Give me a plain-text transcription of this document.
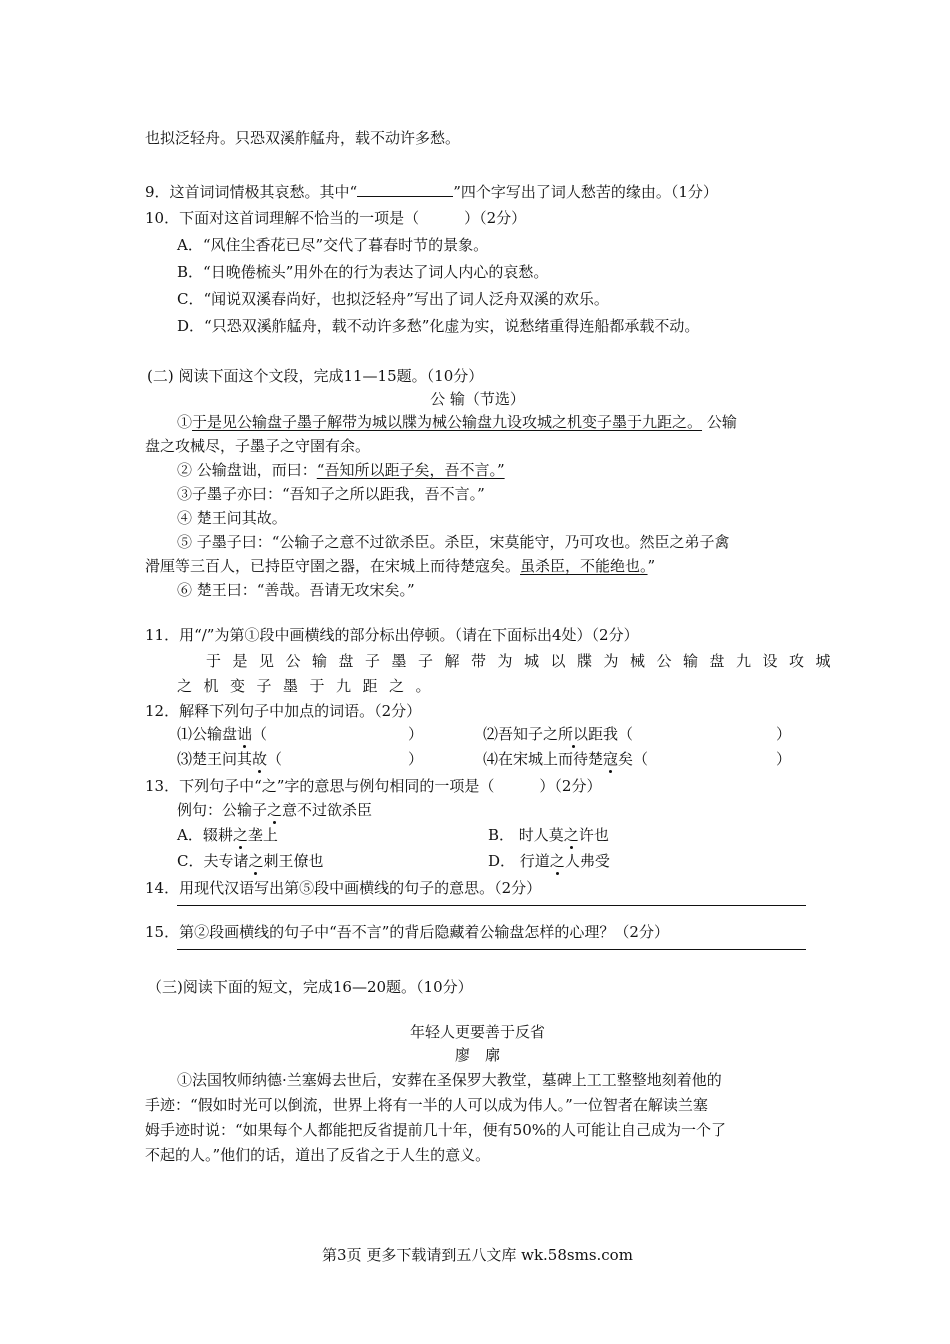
也拟泛轻舟。只恐双溪舴艋舟，载不动许多愁。
9．这首词词情极其哀愁。其中“	”四个字写出了词人愁苦的缘由。（1分）
10．下面对这首词理解不恰当的一项是（　　　）（2分）
A．“风住尘香花已尽”交代了暮春时节的景象。
B．“日晚倦梳头”用外在的行为表达了词人内心的哀愁。
C．“闻说双溪春尚好，也拟泛轻舟”写出了词人泛舟双溪的欢乐。
D．“只恐双溪舴艋舟，载不动许多愁”化虚为实，说愁绪重得连船都承载不动。
(二) 阅读下面这个文段，完成11—15题。（10分）
公 输（节选）
①于是见公输盘子墨子解带为城以牒为械公输盘九设攻城之机变子墨于九距之。 公输
盘之攻械尽，子墨子之守圉有余。
② 公输盘诎，而曰：“吾知所以距子矣，吾不言。”
③子墨子亦曰：“吾知子之所以距我，吾不言。”
④ 楚王问其故。
⑤ 子墨子曰：“公输子之意不过欲杀臣。杀臣，宋莫能守，乃可攻也。然臣之弟子禽
滑厘等三百人，已持臣守圉之器，在宋城上而待楚寇矣。虽杀臣，不能绝也。”
⑥ 楚王曰：“善哉。吾请无攻宋矣。”
11．用“/”为第①段中画横线的部分标出停顿。（请在下面标出4处）（2分）
于是见公输盘子墨子解带为城以牒为械公输盘九设攻城
之机变子墨于九距之。
12．解释下列句子中加点的词语。（2分）
⑴公输盘诎（	）	⑵吾知子之所以距我（	）
⑶楚王问其故（	）	⑷在宋城上而待楚寇矣（	）
13．下列句子中“之”字的意思与例句相同的一项是（　　　）（2分）
例句：公输子之意不过欲杀臣
A．辍耕之垄上	B． 时人莫之许也
C．夫专诸之刺王僚也	D． 行道之人弗受
14．用现代汉语写出第⑤段中画横线的句子的意思。（2分）
15．第②段画横线的句子中“吾不言”的背后隐藏着公输盘怎样的心理？（2分）
（三)阅读下面的短文，完成16—20题。（10分）
年轻人更要善于反省
廖　廓
①法国牧师纳德·兰塞姆去世后，安葬在圣保罗大教堂，墓碑上工工整整地刻着他的
手迹：“假如时光可以倒流，世界上将有一半的人可以成为伟人。”一位智者在解读兰塞
姆手迹时说：“如果每个人都能把反省提前几十年，便有50%的人可能让自己成为一个了
不起的人。”他们的话，道出了反省之于人生的意义。
第3页 更多下载请到五八文库 wk.58sms.com
